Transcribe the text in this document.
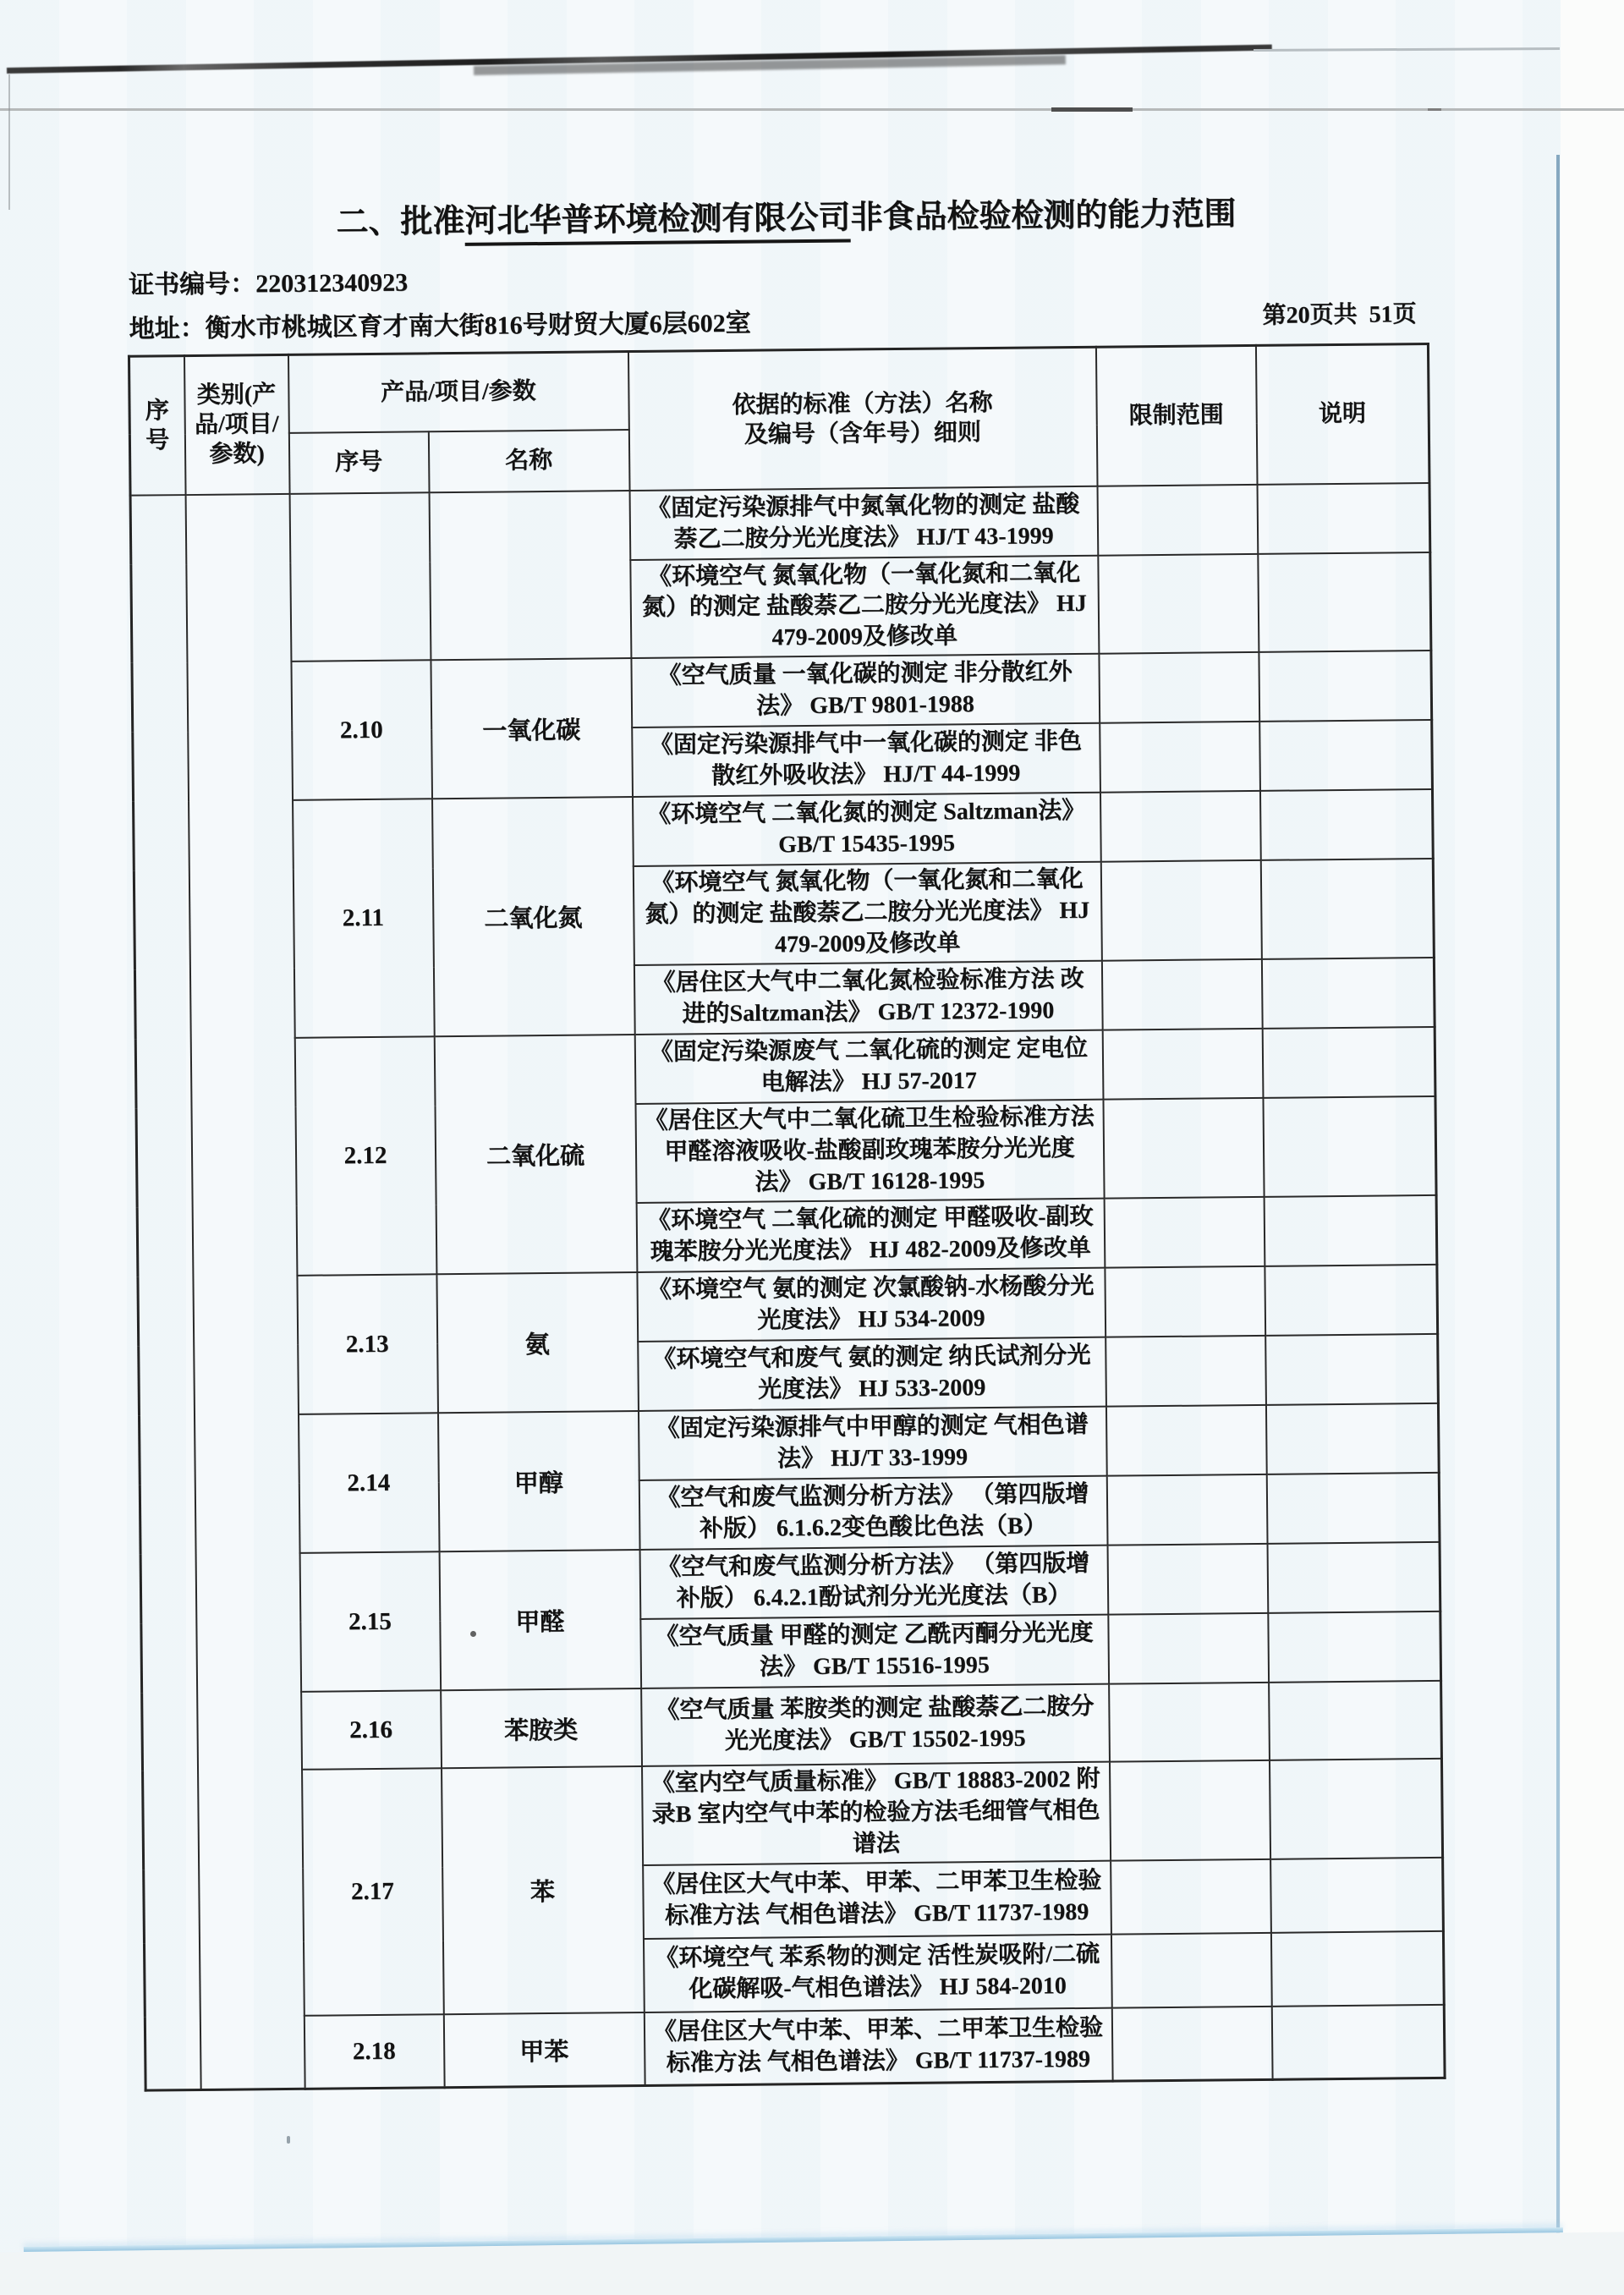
二、批准河北华普环境检测有限公司非食品检验检测的能力范围
证书编号：220312340923
地址：衡水市桃城区育才南大街816号财贸大厦6层602室	第20页共  51页
序号	类别(产品/项目/参数)	产品/项目/参数		依据的标准（方法）名称
及编号（含年号）细则	限制范围	说明
		序号	名称			
				《固定污染源排气中氮氧化物的测定 盐酸萘乙二胺分光光度法》 HJ/T 43-1999		
				《环境空气 氮氧化物（一氧化氮和二氧化氮）的测定 盐酸萘乙二胺分光光度法》 HJ 479-2009及修改单		
		2.10	一氧化碳	《空气质量 一氧化碳的测定 非分散红外法》 GB/T 9801-1988		
				《固定污染源排气中一氧化碳的测定 非色散红外吸收法》 HJ/T 44-1999		
		2.11	二氧化氮	《环境空气 二氧化氮的测定 Saltzman法》 GB/T 15435-1995		
				《环境空气 氮氧化物（一氧化氮和二氧化氮）的测定 盐酸萘乙二胺分光光度法》 HJ 479-2009及修改单		
				《居住区大气中二氧化氮检验标准方法 改进的Saltzman法》 GB/T 12372-1990		
		2.12	二氧化硫	《固定污染源废气 二氧化硫的测定 定电位电解法》 HJ 57-2017		
				《居住区大气中二氧化硫卫生检验标准方法 甲醛溶液吸收-盐酸副玫瑰苯胺分光光度法》 GB/T 16128-1995		
				《环境空气 二氧化硫的测定 甲醛吸收-副玫瑰苯胺分光光度法》 HJ 482-2009及修改单		
		2.13	氨	《环境空气 氨的测定 次氯酸钠-水杨酸分光光度法》 HJ 534-2009		
				《环境空气和废气 氨的测定 纳氏试剂分光光度法》 HJ 533-2009		
		2.14	甲醇	《固定污染源排气中甲醇的测定 气相色谱法》 HJ/T 33-1999		
				《空气和废气监测分析方法》 （第四版增补版） 6.1.6.2变色酸比色法（B）		
		2.15	甲醛	《空气和废气监测分析方法》 （第四版增补版） 6.4.2.1酚试剂分光光度法（B）		
				《空气质量 甲醛的测定 乙酰丙酮分光光度法》 GB/T 15516-1995		
		2.16	苯胺类	《空气质量 苯胺类的测定 盐酸萘乙二胺分光光度法》 GB/T 15502-1995		
		2.17	苯	《室内空气质量标准》 GB/T 18883-2002 附录B 室内空气中苯的检验方法毛细管气相色谱法		
				《居住区大气中苯、甲苯、二甲苯卫生检验标准方法 气相色谱法》 GB/T 11737-1989		
				《环境空气 苯系物的测定 活性炭吸附/二硫化碳解吸-气相色谱法》 HJ 584-2010		
		2.18	甲苯	《居住区大气中苯、甲苯、二甲苯卫生检验标准方法 气相色谱法》 GB/T 11737-1989		
